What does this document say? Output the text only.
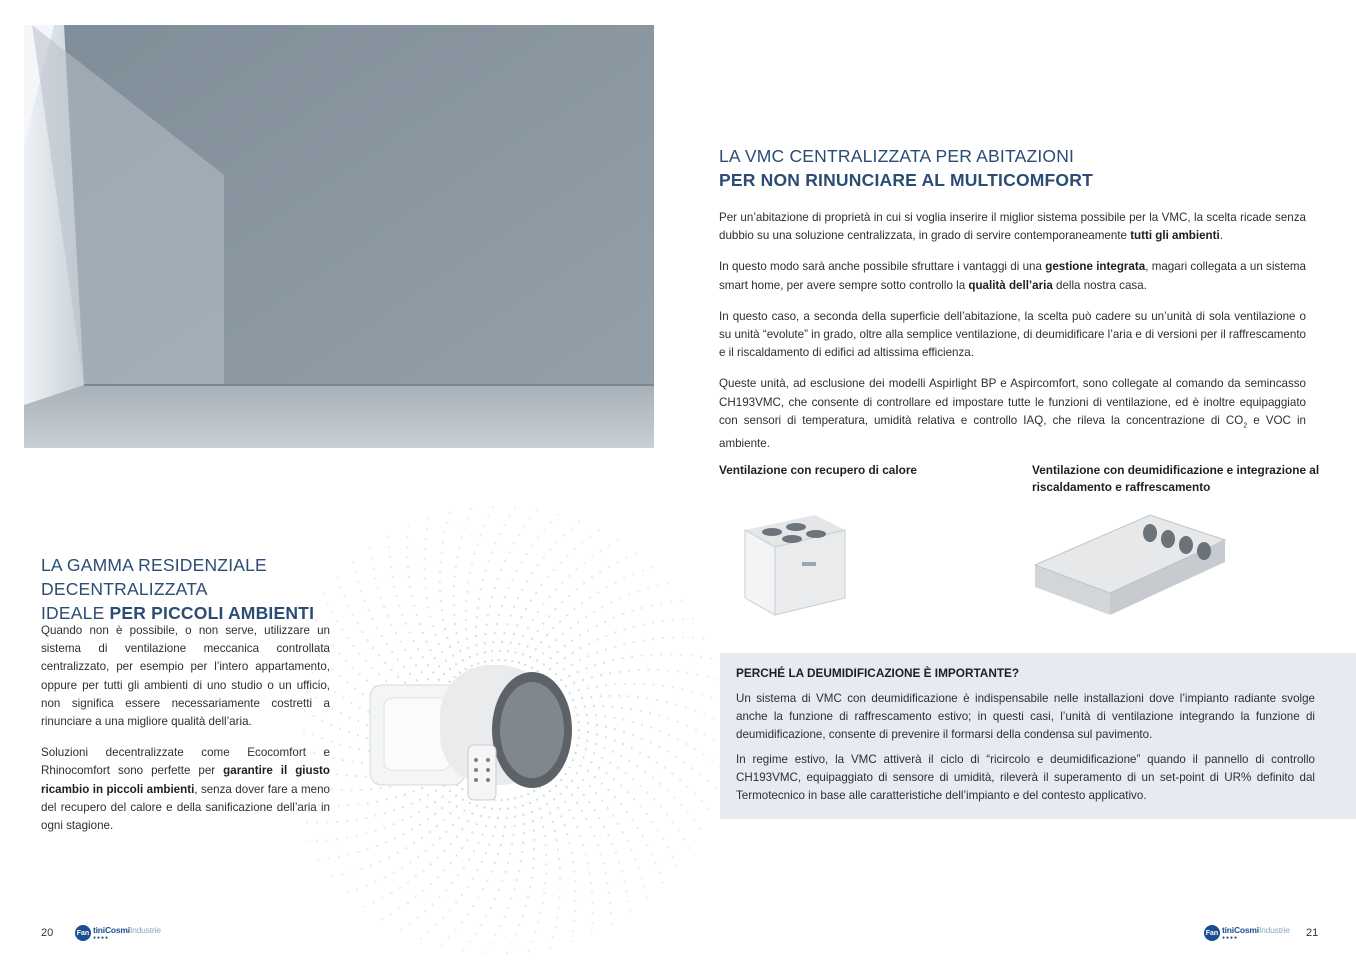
LA VMC CENTRALIZZATA PER ABITAZIONI
PER NON RINUNCIARE AL MULTICOMFORT

Per un’abitazione di proprietà in cui si voglia inserire il miglior sistema possibile per la VMC, la scelta ricade senza dubbio su una soluzione centralizzata, in grado di servire contemporaneamente tutti gli ambienti.

In questo modo sarà anche possibile sfruttare i vantaggi di una gestione integrata, magari collegata a un sistema smart home, per avere sempre sotto controllo la qualità dell’aria della nostra casa.

In questo caso, a seconda della superficie dell’abitazione, la scelta può cadere su un’unità di sola ventilazione o su unità “evolute” in grado, oltre alla semplice ventilazione, di deumidificare l’aria e di versioni per il raffrescamento e il riscaldamento di edifici ad altissima efficienza.

Queste unità, ad esclusione dei modelli Aspirlight BP e Aspircomfort, sono collegate al comando da semincasso CH193VMC, che consente di controllare ed impostare tutte le funzioni di ventilazione, ed è inoltre equipaggiato con sensori di temperatura, umidità relativa e controllo IAQ, che rileva la concentrazione di $CO_2$ e VOC in ambiente.

Ventilazione con recupero di calore	Ventilazione con deumidificazione e integrazione al riscaldamento e raffrescamento
PERCHÉ LA DEUMIDIFICAZIONE È IMPORTANTE?

Un sistema di VMC con deumidificazione è indispensabile nelle installazioni dove l’impianto radiante svolge anche la funzione di raffrescamento estivo; in questi casi, l’unità di ventilazione integrando la funzione di deumidificazione, consente di prevenire il formarsi della condensa sul pavimento.

In regime estivo, la VMC attiverà il ciclo di “ricircolo e deumidificazione” quando il pannello di controllo CH193VMC, equipaggiato di sensore di umidità, rileverà il superamento di un set-point di UR% definito dal Termotecnico in base alle caratteristiche dell’impianto e del contesto applicativo.

LA GAMMA RESIDENZIALE DECENTRALIZZATA
IDEALE PER PICCOLI AMBIENTI

Quando non è possibile, o non serve, utilizzare un sistema di ventilazione meccanica controllata centralizzato, per esempio per l’intero appartamento, oppure per tutti gli ambienti di uno studio o un ufficio, non significa essere necessariamente costretti a rinunciare a una migliore qualità dell’aria.

Soluzioni decentralizzate come Ecocomfort e Rhinocomfort sono perfette per garantire il giusto ricambio in piccoli ambienti, senza dover fare a meno del recupero del calore e della sanificazione dell’aria in ogni stagione.

20	Fan tiniCosmiIndustrie
●●●●
Fan tiniCosmiIndustrie
●●●●	21
